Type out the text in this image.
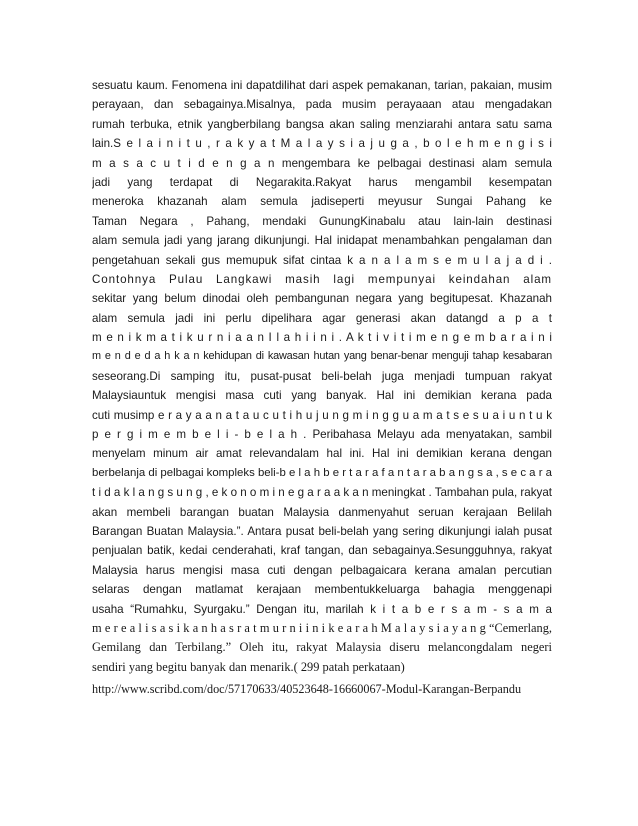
sesuatu kaum. Fenomena ini dapatdilihat dari aspek pemakanan, tarian, pakaian, musim
perayaan, dan sebagainya.Misalnya, pada musim perayaaan atau mengadakan
rumah terbuka, etnik yangberbilang bangsa akan saling menziarahi antara satu sama
lain.S e l a i n i t u , r a k y a t M a l a y s i a j u g a , b o l e h m e n g i s i
m a s a c u t i d e n g a n mengembara ke pelbagai destinasi alam semula
jadi yang terdapat di Negarakita.Rakyat harus mengambil kesempatan
meneroka khazanah alam semula jadiseperti meyusur Sungai Pahang ke
Taman Negara , Pahang, mendaki GunungKinabalu atau lain-lain destinasi
alam semula jadi yang jarang dikunjungi. Hal inidapat menambahkan pengalaman dan
pengetahuan sekali gus memupuk sifat cintaa k a n a l a m s e m u l a j a d i .
Contohnya Pulau Langkawi masih lagi mempunyai keindahan alam
sekitar yang belum dinodai oleh pembangunan negara yang begitupesat. Khazanah
alam semula jadi ini perlu dipelihara agar generasi akan datangd a p a t
m e n i k m a t i k u r n i a a n I l a h i i n i . A k t i v i t i m e n g e m b a r a i n i
m e n d e d a h k a n kehidupan di kawasan hutan yang benar-benar menguji tahap kesabaran
seseorang.Di samping itu, pusat-pusat beli-belah juga menjadi tumpuan rakyat
Malaysiauntuk mengisi masa cuti yang banyak. Hal ini demikian kerana pada
cuti musimp e r a y a a n a t a u c u t i h u j u n g m i n g g u a m a t s e s u a i u n t u k
p e r g i m e m b e l i - b e l a h . Peribahasa Melayu ada menyatakan, sambil
menyelam minum air amat relevandalam hal ini. Hal ini demikian kerana dengan
berbelanja di pelbagai kompleks beli-b e l a h b e r t a r a f a n t a r a b a n g s a , s e c a r a
t i d a k l a n g s u n g , e k o n o m i n e g a r a a k a n meningkat . Tambahan pula, rakyat
akan membeli barangan buatan Malaysia danmenyahut seruan kerajaan Belilah
Barangan Buatan Malaysia.”. Antara pusat beli-belah yang sering dikunjungi ialah pusat
penjualan batik, kedai cenderahati, kraf tangan, dan sebagainya.Sesungguhnya, rakyat
Malaysia harus mengisi masa cuti dengan pelbagaicara kerana amalan percutian
selaras dengan matlamat kerajaan membentukkeluarga bahagia menggenapi
usaha “Rumahku, Syurgaku.” Dengan itu, marilah k i t a b e r s a m - s a m a
m e r e a l i s a s i k a n h a s r a t m u r n i i n i k e a r a h M a l a y s i a y a n g “Cemerlang,
Gemilang dan Terbilang.” Oleh itu, rakyat Malaysia diseru melancongdalam negeri
sendiri yang begitu banyak dan menarik.( 299 patah perkataan)
http://www.scribd.com/doc/57170633/40523648-16660067-Modul-Karangan-Berpandu
